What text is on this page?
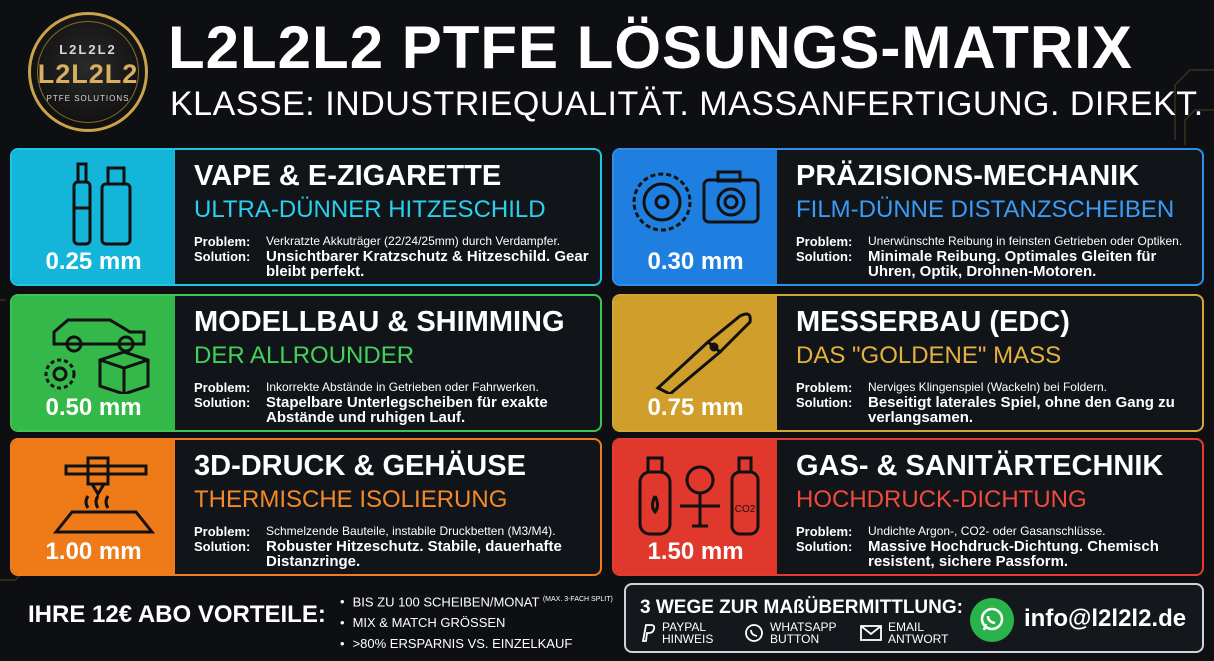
L2L2L2
L2L2L2
PTFE SOLUTIONS
L2L2L2 PTFE LÖSUNGS-MATRIX
KLASSE: INDUSTRIEQUALITÄT. MASSANFERTIGUNG. DIREKT.
0.25 mm
VAPE & E-ZIGARETTE
ULTRA-DÜNNER HITZESCHILD
Problem:	Verkratzte Akkuträger (22/24/25mm) durch Verdampfer.
Solution:	Unsichtbarer Kratzschutz & Hitzeschild. Gear bleibt perfekt.	0.30 mm
PRÄZISIONS-MECHANIK
FILM-DÜNNE DISTANZSCHEIBEN
Problem:	Unerwünschte Reibung in feinsten Getrieben oder Optiken.
Solution:	Minimale Reibung. Optimales Gleiten für Uhren, Optik, Drohnen-Motoren.
0.50 mm
MODELLBAU & SHIMMING
DER ALLROUNDER
Problem:	Inkorrekte Abstände in Getrieben oder Fahrwerken.
Solution:	Stapelbare Unterlegscheiben für exakte Abstände und ruhigen Lauf.	0.75 mm
MESSERBAU (EDC)
DAS "GOLDENE" MASS
Problem:	Nerviges Klingenspiel (Wackeln) bei Foldern.
Solution:	Beseitigt laterales Spiel, ohne den Gang zu verlangsamen.
1.00 mm
3D-DRUCK & GEHÄUSE
THERMISCHE ISOLIERUNG
Problem:	Schmelzende Bauteile, instabile Druckbetten (M3/M4).
Solution:	Robuster Hitzeschutz. Stabile, dauerhafte Distanzringe.
CO2
1.50 mm
GAS- & SANITÄRTECHNIK
HOCHDRUCK-DICHTUNG
Problem:	Undichte Argon-, CO2- oder Gasanschlüsse.
Solution:	Massive Hochdruck-Dichtung. Chemisch resistent, sichere Passform.
IHRE 12€ ABO VORTEILE:
•	BIS ZU 100 SCHEIBEN/MONAT $^{(MAX. 3-FACH SPLIT)}$
• MIX & MATCH GRÖSSEN
• >80% ERSPARNIS VS. EINZELKAUF
3 WEGE ZUR MAßÜBERMITTLUNG:
PAYPAL
HINWEIS
WHATSAPP
BUTTON
EMAIL
ANTWORT
info@l2l2l2.de
